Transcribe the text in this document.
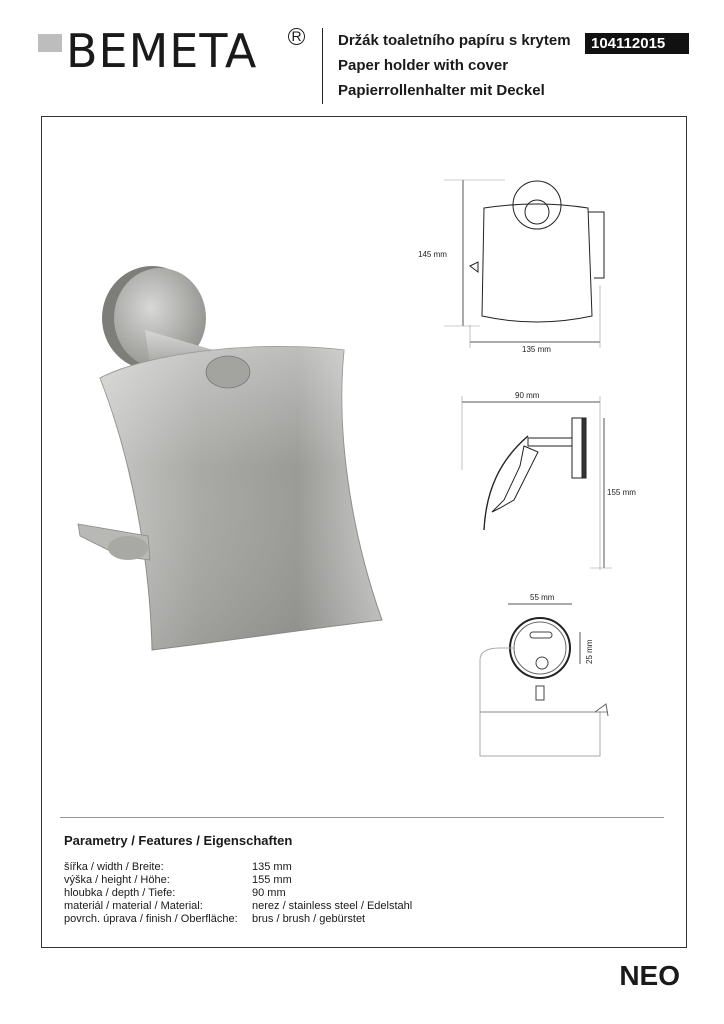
BEMETA R Držák toaletního papíru s krytem
Paper holder with cover
Papierrollenhalter mit Deckel
104112015
145 mm
135 mm
90 mm
155 mm
55 mm
25 mm
Parametry / Features / Eigenschaften
šířka / width / Breite:	135 mm
výška / height / Höhe:	155 mm
hloubka / depth / Tiefe:	90 mm
materiál / material / Material:	nerez / stainless steel / Edelstahl
povrch. úprava / finish / Oberfläche:	brus / brush / gebürstet
NEO
